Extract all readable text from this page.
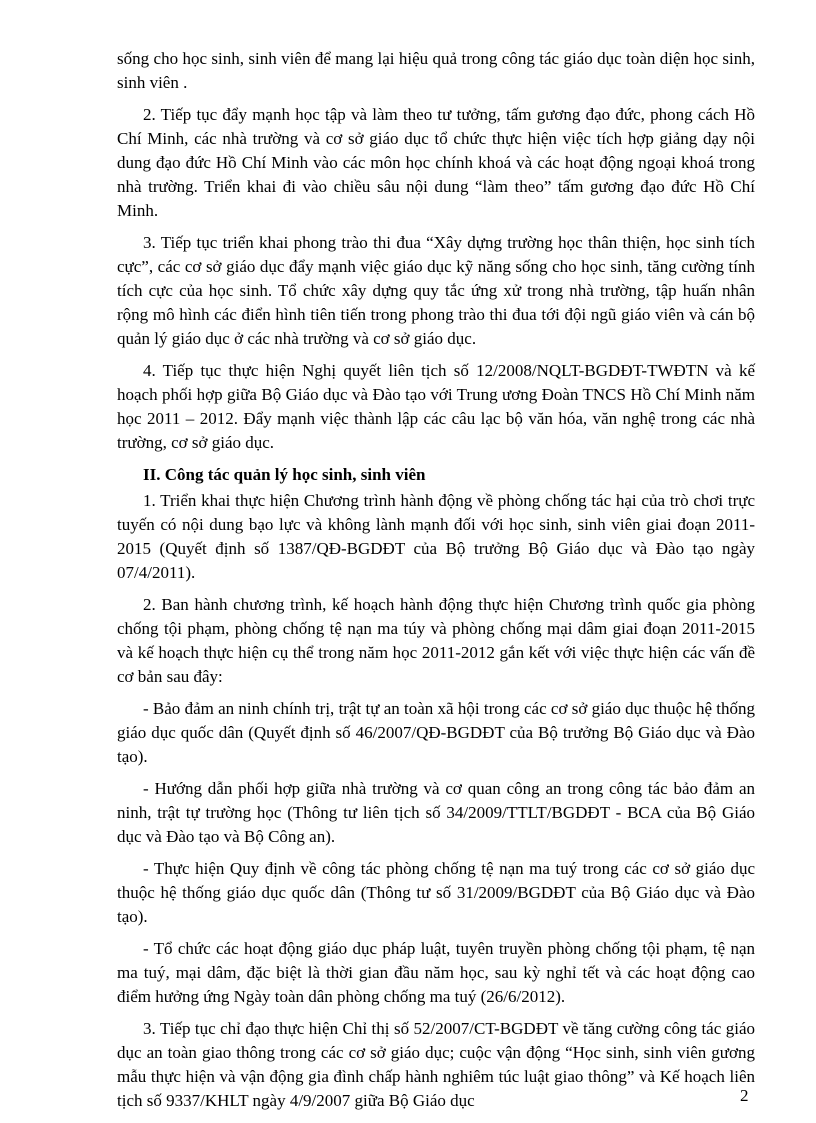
sống cho học sinh, sinh viên để mang lại hiệu quả trong công tác giáo dục toàn diện học sinh, sinh viên .

2. Tiếp tục đẩy mạnh học tập và làm theo tư tưởng, tấm gương đạo đức, phong cách Hồ Chí Minh, các nhà trường và cơ sở giáo dục tổ chức thực hiện việc tích hợp giảng dạy nội dung đạo đức Hồ Chí Minh vào các môn học chính khoá và các hoạt động ngoại khoá trong nhà trường. Triển khai đi vào chiều sâu nội dung “làm theo” tấm gương đạo đức Hồ Chí Minh.

3. Tiếp tục triển khai phong trào thi đua “Xây dựng trường học thân thiện, học sinh tích cực”, các cơ sở giáo dục đẩy mạnh việc giáo dục kỹ năng sống cho học sinh, tăng cường tính tích cực của học sinh. Tổ chức xây dựng quy tắc ứng xử trong nhà trường, tập huấn nhân rộng mô hình các điển hình tiên tiến trong phong trào thi đua tới đội ngũ giáo viên và cán bộ quản lý giáo dục ở các nhà trường và cơ sở giáo dục.

4. Tiếp tục thực hiện Nghị quyết liên tịch số 12/2008/NQLT-BGDĐT-TWĐTN và kế hoạch phối hợp giữa Bộ Giáo dục và Đào tạo với Trung ương Đoàn TNCS Hồ Chí Minh năm học 2011 – 2012. Đẩy mạnh việc thành lập các câu lạc bộ văn hóa, văn nghệ trong các nhà trường, cơ sở giáo dục.

II. Công tác quản lý học sinh, sinh viên

1. Triển khai thực hiện Chương trình hành động về phòng chống tác hại của trò chơi trực tuyến có nội dung bạo lực và không lành mạnh đối với học sinh, sinh viên giai đoạn 2011-2015 (Quyết định số 1387/QĐ-BGDĐT của Bộ trưởng Bộ Giáo dục và Đào tạo ngày 07/4/2011).

2. Ban hành chương trình, kế hoạch hành động thực hiện Chương trình quốc gia phòng chống tội phạm, phòng chống tệ nạn ma túy và phòng chống mại dâm giai đoạn 2011-2015 và kế hoạch thực hiện cụ thể trong năm học 2011-2012 gắn kết với việc thực hiện các vấn đề cơ bản sau đây:

- Bảo đảm an ninh chính trị, trật tự an toàn xã hội trong các cơ sở giáo dục thuộc hệ thống giáo dục quốc dân (Quyết định số 46/2007/QĐ-BGDĐT của Bộ trưởng Bộ Giáo dục và Đào tạo).

- Hướng dẫn phối hợp giữa nhà trường và cơ quan công an trong công tác bảo đảm an ninh, trật tự trường học (Thông tư liên tịch số 34/2009/TTLT/BGDĐT - BCA của Bộ Giáo dục và Đào tạo và Bộ Công an).

- Thực hiện Quy định về công tác phòng chống tệ nạn ma tuý trong các cơ sở giáo dục thuộc hệ thống giáo dục quốc dân (Thông tư số 31/2009/BGDĐT của Bộ Giáo dục và Đào tạo).

- Tổ chức các hoạt động giáo dục pháp luật, tuyên truyền phòng chống tội phạm, tệ nạn ma tuý, mại dâm, đặc biệt là thời gian đầu năm học, sau kỳ nghỉ tết và các hoạt động cao điểm hưởng ứng Ngày toàn dân phòng chống ma tuý (26/6/2012).

3. Tiếp tục chỉ đạo thực hiện Chỉ thị số 52/2007/CT-BGDĐT về tăng cường công tác giáo dục an toàn giao thông trong các cơ sở giáo dục; cuộc vận động “Học sinh, sinh viên gương mẫu thực hiện và vận động gia đình chấp hành nghiêm túc luật giao thông” và Kế hoạch liên tịch số 9337/KHLT ngày 4/9/2007 giữa Bộ Giáo dục	2
